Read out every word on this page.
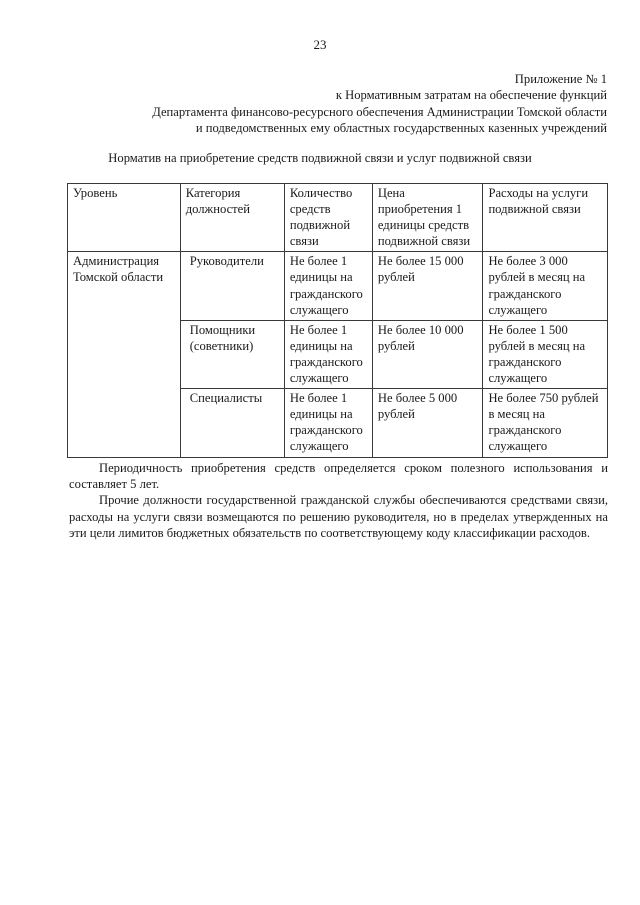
23
Приложение № 1
к Нормативным затратам на обеспечение функций
Департамента финансово-ресурсного обеспечения Администрации Томской области
и подведомственных ему областных государственных казенных учреждений
Норматив на приобретение средств подвижной связи и услуг подвижной связи
Уровень	Категория должностей	Количество средств подвижной связи	Цена приобретения 1 единицы средств подвижной связи	Расходы на услуги подвижной связи
Администрация Томской области	Руководители	Не более 1 единицы на гражданского служащего	Не более 15 000 рублей	Не более 3 000 рублей в месяц на гражданского служащего
	Помощники (советники)	Не более 1 единицы на гражданского служащего	Не более 10 000 рублей	Не более 1 500 рублей в месяц на гражданского служащего
	Специалисты	Не более 1 единицы на гражданского служащего	Не более 5 000 рублей	Не более 750 рублей в месяц на гражданского служащего

Периодичность приобретения средств определяется сроком полезного использования и составляет 5 лет.

Прочие должности государственной гражданской службы обеспечиваются средствами связи, расходы на услуги связи возмещаются по решению руководителя, но в пределах утвержденных на эти цели лимитов бюджетных обязательств по соответствующему коду классификации расходов.
